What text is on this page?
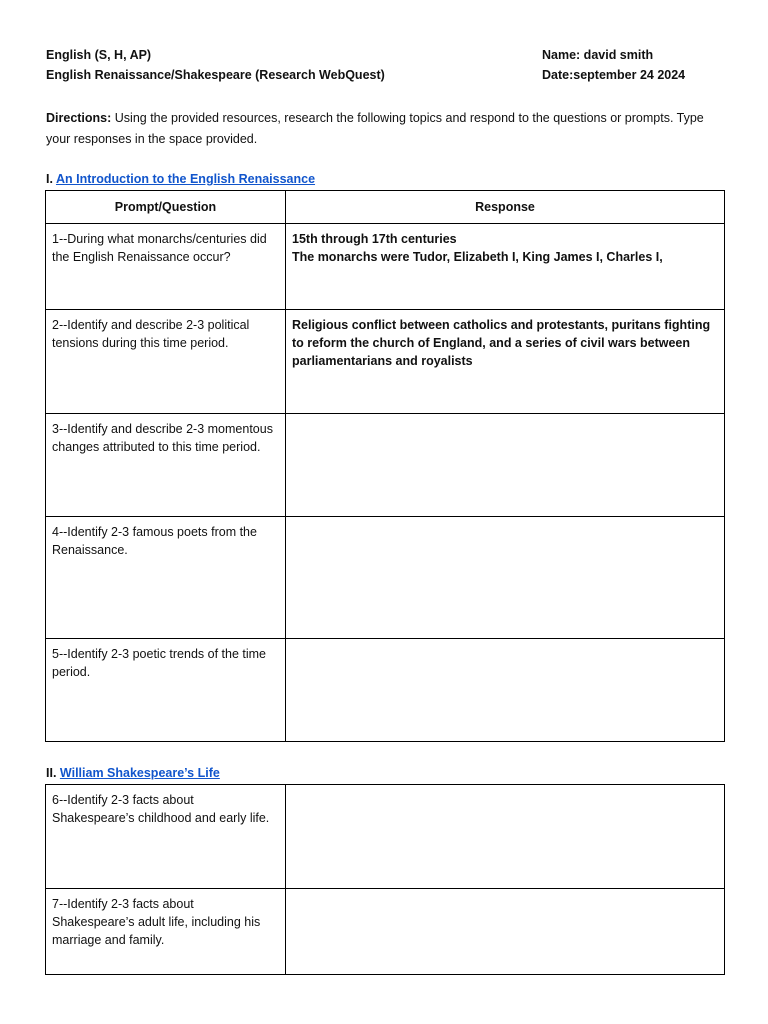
English (S, H, AP)
English Renaissance/Shakespeare (Research WebQuest)
Name: david smith
Date:september 24 2024
Directions: Using the provided resources, research the following topics and respond to the questions or prompts. Type your responses in the space provided.
I. An Introduction to the English Renaissance
Prompt/Question	Response
1--During what monarchs/centuries did the English Renaissance occur?	15th through 17th centuries
The monarchs were Tudor, Elizabeth I, King James I, Charles I,

2--Identify and describe 2-3 political tensions during this time period.	Religious conflict between catholics and protestants, puritans fighting to reform the church of England, and a series of civil wars between parliamentarians and royalists
3--Identify and describe 2-3 momentous changes attributed to this time period.	
4--Identify 2-3 famous poets from the Renaissance.	
5--Identify 2-3 poetic trends of the time period.	
II. William Shakespeare’s Life
6--Identify 2-3 facts about Shakespeare’s childhood and early life.	
7--Identify 2-3 facts about Shakespeare’s adult life, including his marriage and family.	
